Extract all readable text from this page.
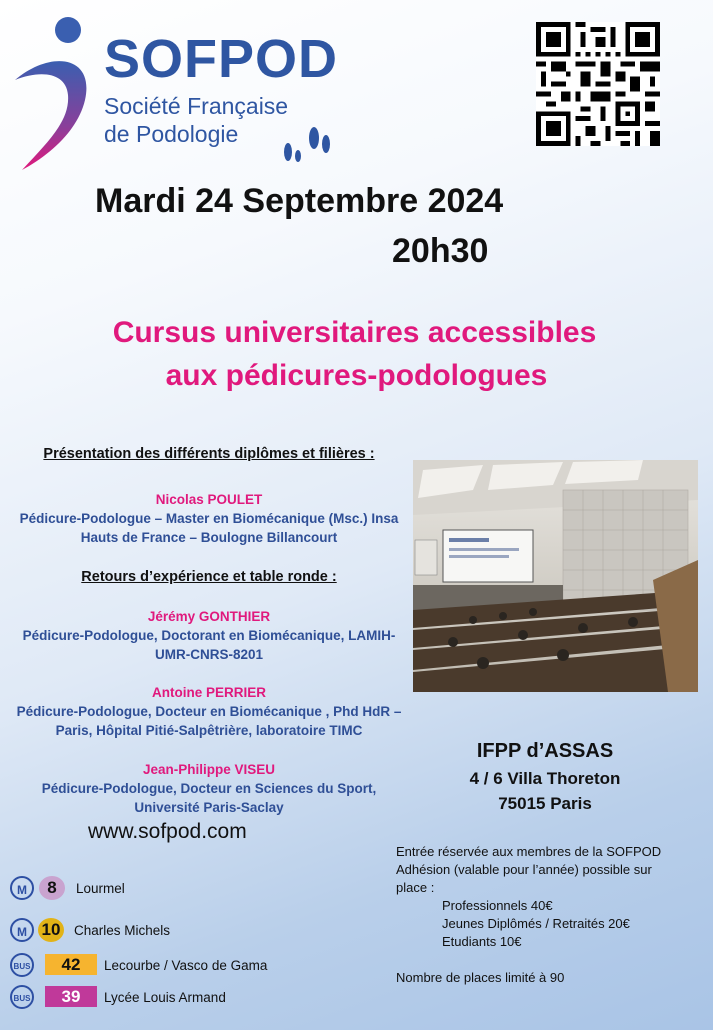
SOFPOD
Société Française
de Podologie
Mardi 24 Septembre 2024
20h30
Cursus universitaires accessibles
aux pédicures-podologues
Présentation des différents diplômes et filières :
Nicolas POULET
Pédicure-Podologue – Master en Biomécanique (Msc.) Insa
Hauts de France – Boulogne Billancourt
Retours d’expérience et table ronde :
Jérémy GONTHIER
Pédicure-Podologue, Doctorant en Biomécanique, LAMIH-
UMR-CNRS-8201
Antoine PERRIER
Pédicure-Podologue, Docteur en Biomécanique , Phd HdR –
Paris, Hôpital Pitié-Salpêtrière, laboratoire TIMC
Jean-Philippe VISEU
Pédicure-Podologue, Docteur en Sciences du Sport,
Université Paris-Saclay
www.sofpod.com
IFPP d’ASSAS
4 / 6 Villa Thoreton
75015 Paris
Entrée réservée aux membres de la SOFPOD
Adhésion (valable pour l’année) possible sur
place :
Professionnels 40€
Jeunes Diplômés / Retraités 20€
Etudiants 10€
Nombre de places limité à 90
M	8	Lourmel
M 10 Charles Michels
BUS	42	Lecourbe / Vasco de Gama
BUS	39	Lycée Louis Armand
